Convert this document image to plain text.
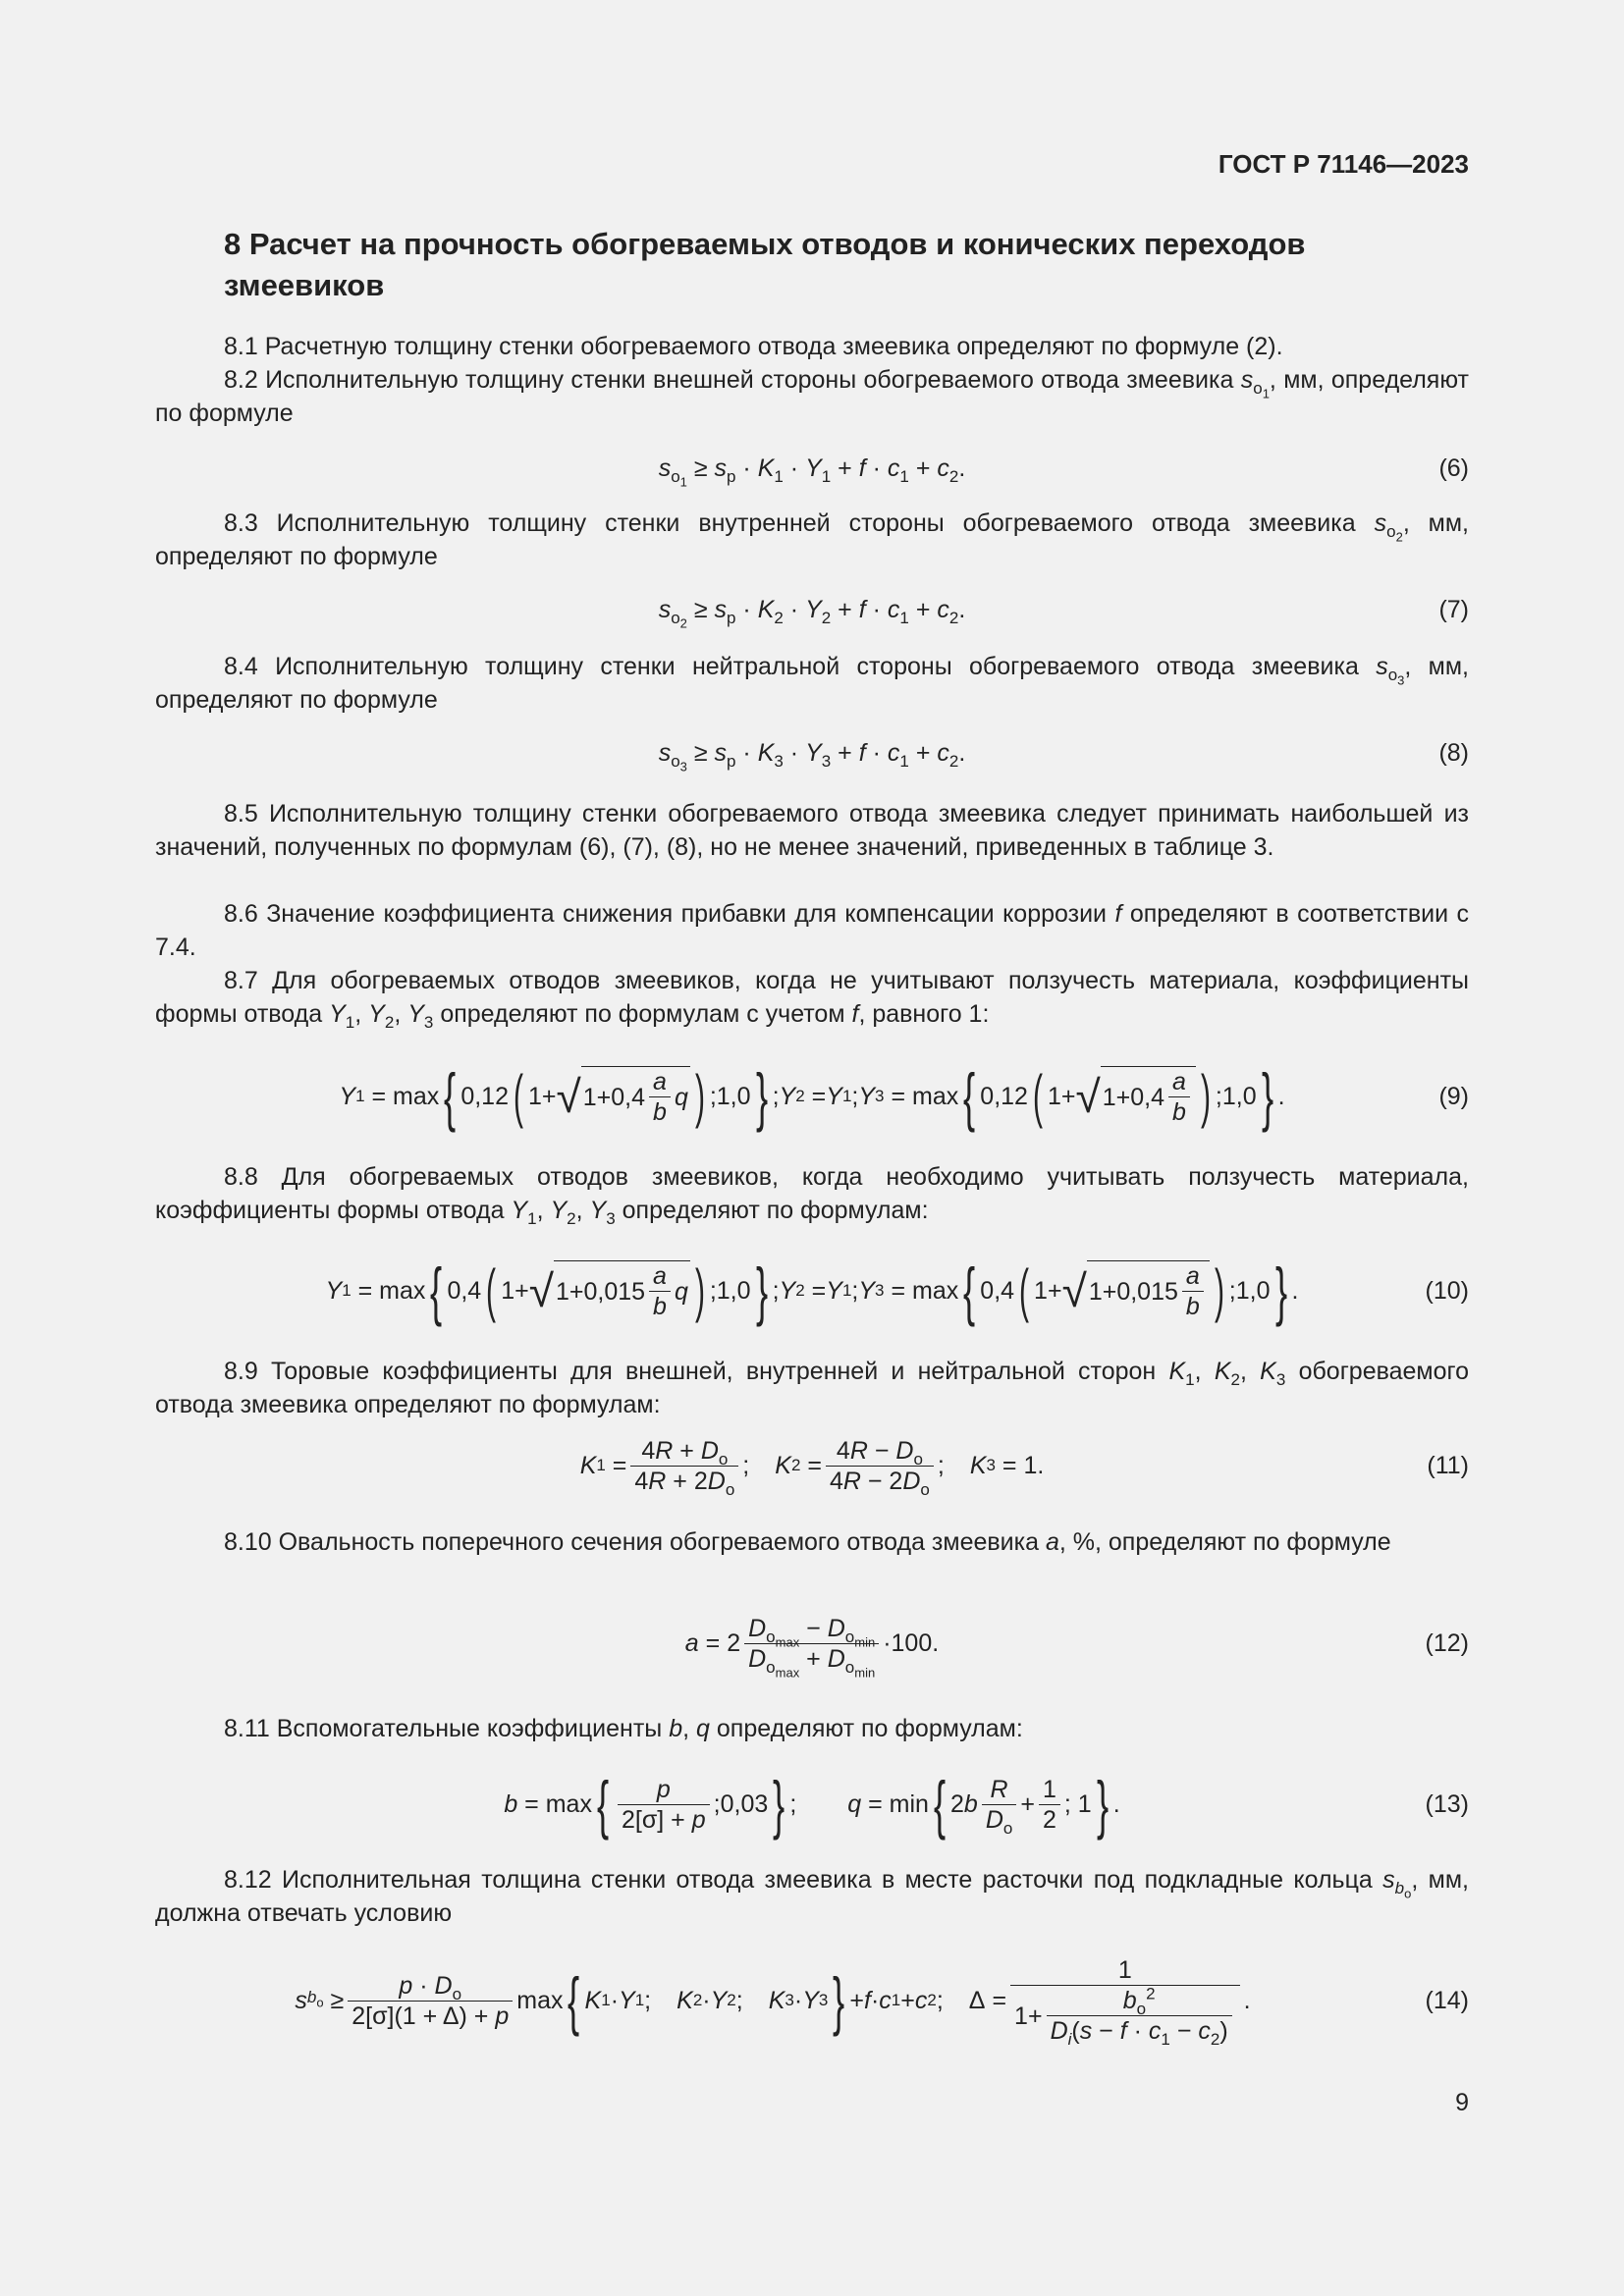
ГОСТ Р 71146—2023
8 Расчет на прочность обогреваемых отводов и конических переходов змеевиков
8.1 Расчетную толщину стенки обогреваемого отвода змеевика определяют по формуле (2).
8.2 Исполнительную толщину стенки внешней стороны обогреваемого отвода змеевика $s_{o_1}$, мм, определяют по формуле
$s_{o_1} \ge s_p \cdot K_1 \cdot Y_1 + f \cdot c_1 + c_2$.	(6)
8.3 Исполнительную толщину стенки внутренней стороны обогреваемого отвода змеевика $s_{o_2}$, мм, определяют по формуле
$s_{o_2} \ge s_p \cdot K_2 \cdot Y_2 + f \cdot c_1 + c_2$.	(7)
8.4 Исполнительную толщину стенки нейтральной стороны обогреваемого отвода змеевика $s_{o_3}$, мм, определяют по формуле
$s_{o_3} \ge s_p \cdot K_3 \cdot Y_3 + f \cdot c_1 + c_2$.	(8)
8.5 Исполнительную толщину стенки обогреваемого отвода змеевика следует принимать наибольшей из значений, полученных по формулам (6), (7), (8), но не менее значений, приведенных в таблице 3.
8.6 Значение коэффициента снижения прибавки для компенсации коррозии f определяют в соответствии с 7.4.
8.7 Для обогреваемых отводов змеевиков, когда не учитывают ползучесть материала, коэффициенты формы отвода $Y_1$, $Y_2$, $Y_3$ определяют по формулам с учетом f, равного 1:
Y 1 = max { 0,12 ( 1+ √ 1+ 0,4
a
b
q ) ; 1,0 } ; Y 2 = Y 1 ; Y 3 = max { 0,12 ( 1+ √ 1+ 0,4
a
b ) ; 1,0 } .	(9)
8.8 Для обогреваемых отводов змеевиков, когда необходимо учитывать ползучесть материала, коэффициенты формы отвода $Y_1$, $Y_2$, $Y_3$ определяют по формулам:
Y 1 = max { 0,4 ( 1+ √ 1+ 0,015
a
b
q ) ; 1,0 } ; Y 2 = Y 1 ; Y 3 = max { 0,4 ( 1+ √ 1+ 0,015
a
b ) ; 1,0 } .	(10)
8.9 Торовые коэффициенты для внешней, внутренней и нейтральной сторон $K_1$, $K_2$, $K_3$ обогреваемого отвода змеевика определяют по формулам:
K 1 =
$4R + D_o$
$4R + 2D_o$
; K 2 =
$4R - D_o$
$4R - 2D_o$
; K 3 = 1.	(11)
8.10 Овальность поперечного сечения обогреваемого отвода змеевика a, %, определяют по формуле
a = 2
$D_{o_{max}} - D_{o_{min}}$
$D_{o_{max}} + D_{o_{min}}$
· 100 .	(12)
8.11 Вспомогательные коэффициенты b, q определяют по формулам:
b = max { p
2[σ] + p
; 0,03 } ; q = min { 2 b
R
$D_o$
+
1
2
; 1 } .	(13)
8.12 Исполнительная толщина стенки отвода змеевика в месте расточки под подкладные кольца $s_{b_o}$, мм, должна отвечать условию
s $b_o$ ≥
$p \cdot D_o$
2[σ](1 + Δ) + p
max { K 1 · Y 1 ; K 2 · Y 2 ; K 3 · Y 3 } + f · c 1 + c 2 ; Δ =
1
1+
$b_o^2$
$D_i(s - f \cdot c_1 - c_2)$
.	(14)
9
